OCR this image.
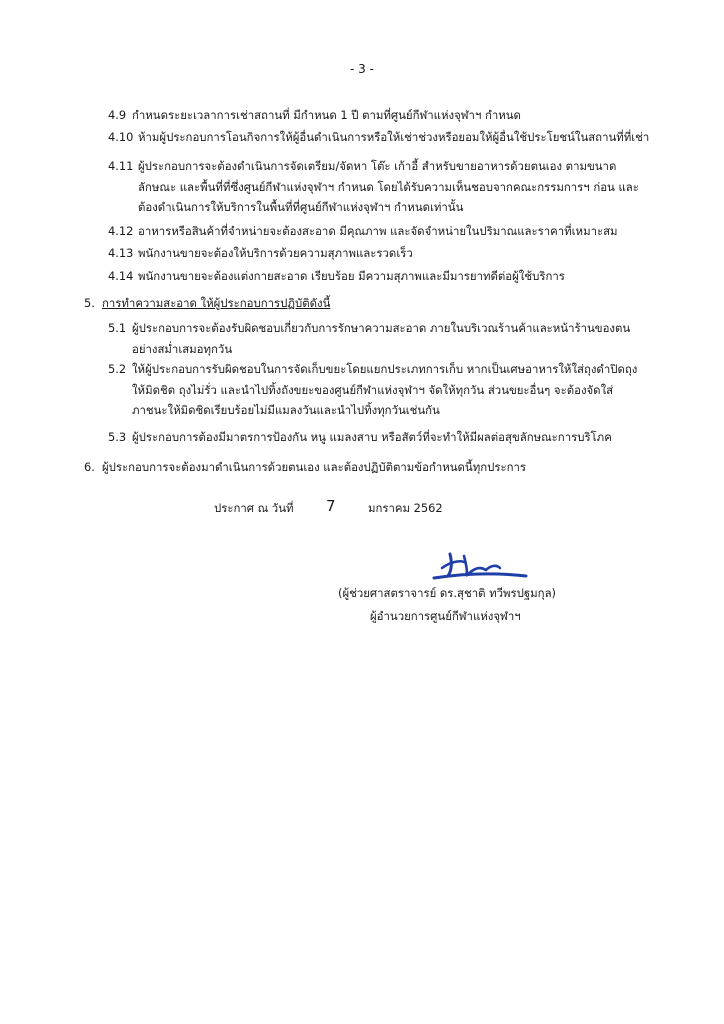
- 3 -
4.9 กำหนดระยะเวลาการเช่าสถานที่ มีกำหนด 1 ปี ตามที่ศูนย์กีฬาแห่งจุฬาฯ กำหนด
4.10 ห้ามผู้ประกอบการโอนกิจการให้ผู้อื่นดำเนินการหรือให้เช่าช่วงหรือยอมให้ผู้อื่นใช้ประโยชน์ในสถานที่ที่เช่า
4.11 ผู้ประกอบการจะต้องดำเนินการจัดเตรียม/จัดหา โต๊ะ เก้าอี้ สำหรับขายอาหารด้วยตนเอง ตามขนาด
ลักษณะ และพื้นที่ที่ซึ่งศูนย์กีฬาแห่งจุฬาฯ กำหนด โดยได้รับความเห็นชอบจากคณะกรรมการฯ ก่อน และ
ต้องดำเนินการให้บริการในพื้นที่ที่ศูนย์กีฬาแห่งจุฬาฯ กำหนดเท่านั้น
4.12 อาหารหรือสินค้าที่จำหน่ายจะต้องสะอาด มีคุณภาพ และจัดจำหน่ายในปริมาณและราคาที่เหมาะสม
4.13 พนักงานขายจะต้องให้บริการด้วยความสุภาพและรวดเร็ว
4.14 พนักงานขายจะต้องแต่งกายสะอาด เรียบร้อย มีความสุภาพและมีมารยาทดีต่อผู้ใช้บริการ
5. การทำความสะอาด ให้ผู้ประกอบการปฏิบัติดังนี้
5.1 ผู้ประกอบการจะต้องรับผิดชอบเกี่ยวกับการรักษาความสะอาด ภายในบริเวณร้านค้าและหน้าร้านของตน
อย่างสม่ำเสมอทุกวัน
5.2 ให้ผู้ประกอบการรับผิดชอบในการจัดเก็บขยะโดยแยกประเภทการเก็บ หากเป็นเศษอาหารให้ใส่ถุงดำปิดถุง
ให้มิดชิด ถุงไม่รั่ว และนำไปทิ้งถังขยะของศูนย์กีฬาแห่งจุฬาฯ จัดให้ทุกวัน ส่วนขยะอื่นๆ จะต้องจัดใส่
ภาชนะให้มิดชิดเรียบร้อยไม่มีแมลงวันและนำไปทิ้งทุกวันเช่นกัน
5.3 ผู้ประกอบการต้องมีมาตรการป้องกัน หนู แมลงสาบ หรือสัตว์ที่จะทำให้มีผลต่อสุขลักษณะการบริโภค
6. ผู้ประกอบการจะต้องมาดำเนินการด้วยตนเอง และต้องปฏิบัติตามข้อกำหนดนี้ทุกประการ
ประกาศ ณ วันที่ 7	มกราคม 2562
(ผู้ช่วยศาสตราจารย์ ดร.สุชาติ ทวีพรปฐมกุล)
ผู้อำนวยการศูนย์กีฬาแห่งจุฬาฯ
